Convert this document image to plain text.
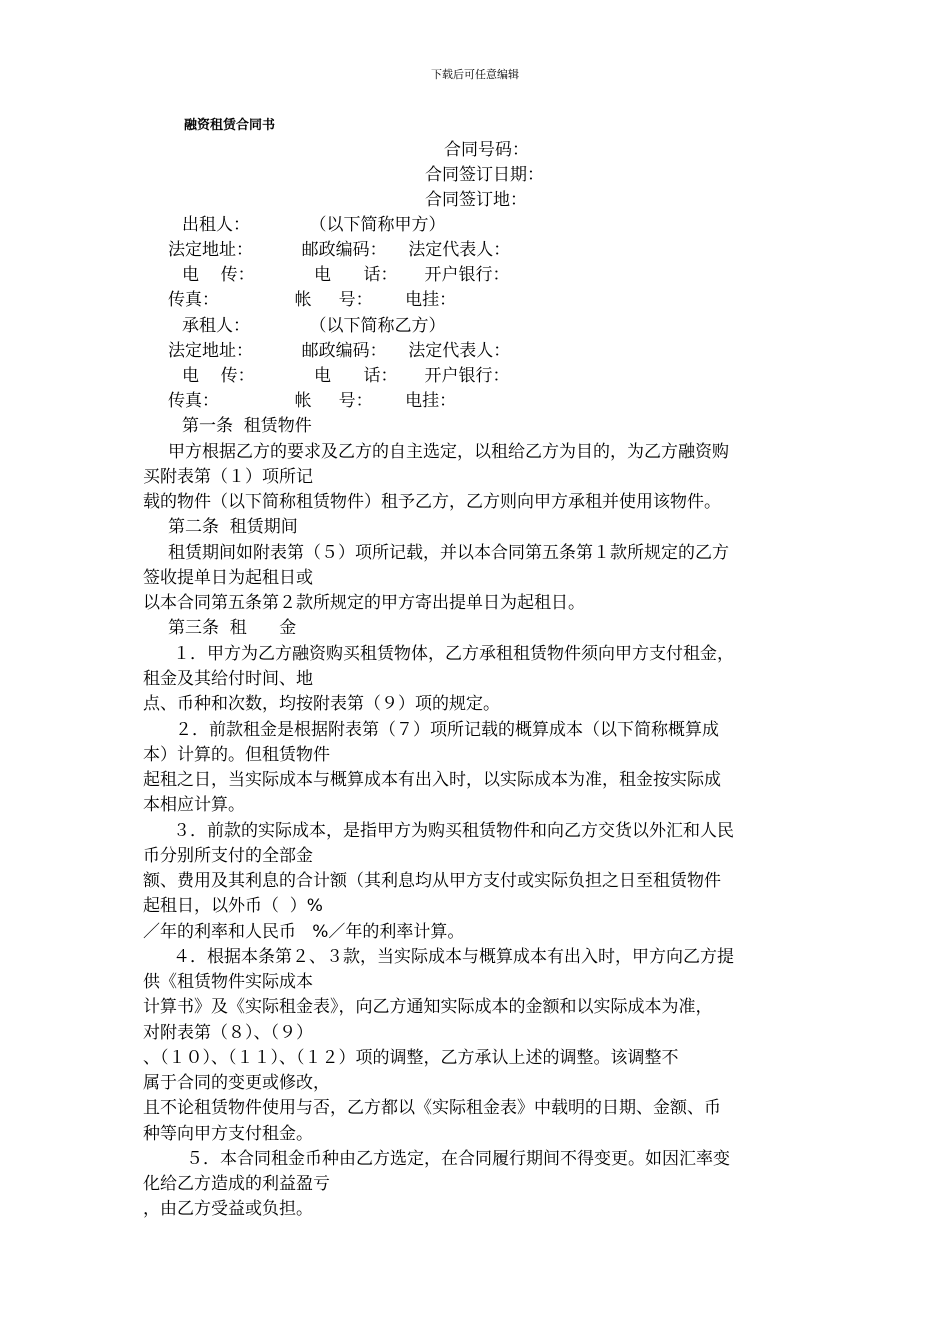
下载后可任意编辑
融资租赁合同书
合同号码：
合同签订日期：
合同签订地：
出租人：           （以下简称甲方）
法定地址：         邮政编码：    法定代表人：
电    传：           电      话：     开户银行：
传真：              帐     号：      电挂：
承租人：           （以下简称乙方）
法定地址：         邮政编码：    法定代表人：
电    传：           电      话：     开户银行：
传真：              帐     号：      电挂：
第一条  租赁物件
甲方根据乙方的要求及乙方的自主选定，以租给乙方为目的，为乙方融资购
买附表第（１）项所记
载的物件（以下简称租赁物件）租予乙方，乙方则向甲方承租并使用该物件。
第二条  租赁期间
租赁期间如附表第（５）项所记载，并以本合同第五条第１款所规定的乙方
签收提单日为起租日或
以本合同第五条第２款所规定的甲方寄出提单日为起租日。
第三条  租      金
１．甲方为乙方融资购买租赁物体，乙方承租租赁物件须向甲方支付租金，
租金及其给付时间、地
点、币种和次数，均按附表第（９）项的规定。
２．前款租金是根据附表第（７）项所记载的概算成本（以下简称概算成
本）计算的。但租赁物件
起租之日，当实际成本与概算成本有出入时，以实际成本为准，租金按实际成
本相应计算。
３．前款的实际成本，是指甲方为购买租赁物件和向乙方交货以外汇和人民
币分别所支付的全部金
额、费用及其利息的合计额（其利息均从甲方支付或实际负担之日至租赁物件
起租日，以外币（  ）%
／年的利率和人民币   %／年的利率计算。
４．根据本条第２、３款，当实际成本与概算成本有出入时，甲方向乙方提
供《租赁物件实际成本
计算书》及《实际租金表》，向乙方通知实际成本的金额和以实际成本为准，
对附表第（８）、（９）
、（１０）、（１１）、（１２）项的调整，乙方承认上述的调整。该调整不
属于合同的变更或修改，
且不论租赁物件使用与否，乙方都以《实际租金表》中载明的日期、金额、币
种等向甲方支付租金。
５．本合同租金币种由乙方选定，在合同履行期间不得变更。如因汇率变
化给乙方造成的利益盈亏
，由乙方受益或负担。
